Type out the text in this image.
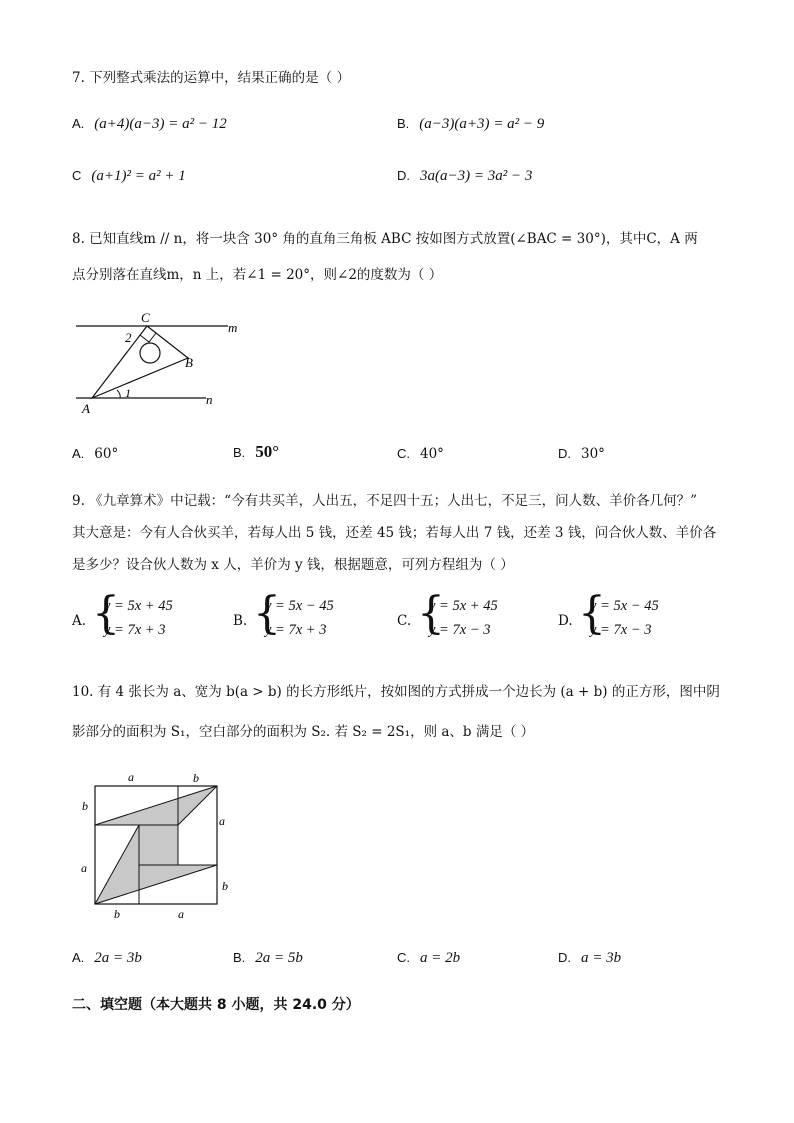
7. 下列整式乘法的运算中，结果正确的是（ ）
A. (a+4)(a−3) = a² − 12	B. (a−3)(a+3) = a² − 9
C (a+1)² = a² + 1	D. 3a(a−3) = 3a² − 3
8. 已知直线m // n，将一块含 30° 角的直角三角板 ABC 按如图方式放置(∠BAC = 30°)，其中C，A 两
点分别落在直线m，n 上，若∠1 = 20°，则∠2的度数为（ ）
C
m
2
B
A
1	n
A. 60°	B. 50°	C. 40°	D. 30°
9. 《九章算术》中记载：“今有共买羊，人出五，不足四十五；人出七，不足三，问人数、羊价各几何？”
其大意是：今有人合伙买羊，若每人出 5 钱，还差 45 钱；若每人出 7 钱，还差 3 钱，问合伙人数、羊价各
是多少？设合伙人数为 x 人，羊价为 y 钱，根据题意，可列方程组为（ ）
A. {
y = 5x + 45
y = 7x + 3
B. {
y = 5x − 45
y = 7x + 3
C. {
y = 5x + 45
y = 7x − 3
D. {
y = 5x − 45
y = 7x − 3
10. 有 4 张长为 a、宽为 b(a > b) 的长方形纸片，按如图的方式拼成一个边长为 (a + b) 的正方形，图中阴
影部分的面积为 S₁，空白部分的面积为 S₂. 若 S₂ = 2S₁，则 a、b 满足（ ）
a	b
b
a
a
b
b	a
A. 2a = 3b	B. 2a = 5b	C. a = 2b	D. a = 3b
二、填空题（本大题共 8 小题，共 24.0 分）
